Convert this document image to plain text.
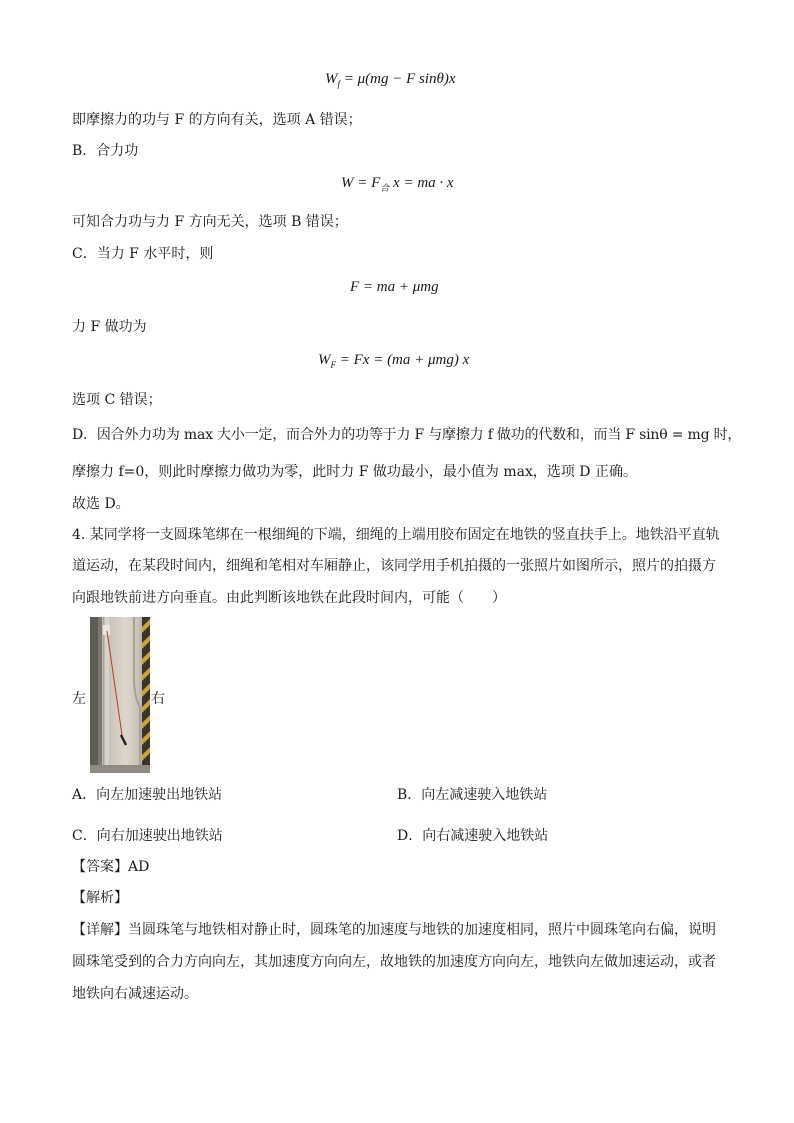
$W_f = \mu(mg - F$ sinθ)x
即摩擦力的功与 F 的方向有关，选项 A 错误；
B．合力功
$W = F_合$ x = ma · x
可知合力功与力 F 方向无关，选项 B 错误；
C．当力 F 水平时，则
F = ma + μmg
力 F 做功为
$W_F = Fx = (ma + \mu mg)$ x
选项 C 错误；
D．因合外力功为 max 大小一定，而合外力的功等于力 F 与摩擦力 f 做功的代数和，而当 F sinθ = mg 时，
摩擦力 f=0，则此时摩擦力做功为零，此时力 F 做功最小，最小值为 max，选项 D 正确。
故选 D。
4. 某同学将一支圆珠笔绑在一根细绳的下端，细绳的上端用胶布固定在地铁的竖直扶手上。地铁沿平直轨
道运动，在某段时间内，细绳和笔相对车厢静止，该同学用手机拍摄的一张照片如图所示，照片的拍摄方
向跟地铁前进方向垂直。由此判断该地铁在此段时间内，可能（　　）
左	右
A．向左加速驶出地铁站	B．向左减速驶入地铁站
C．向右加速驶出地铁站	D．向右减速驶入地铁站
【答案】AD
【解析】
【详解】当圆珠笔与地铁相对静止时，圆珠笔的加速度与地铁的加速度相同，照片中圆珠笔向右偏，说明
圆珠笔受到的合力方向向左，其加速度方向向左，故地铁的加速度方向向左，地铁向左做加速运动，或者
地铁向右减速运动。
